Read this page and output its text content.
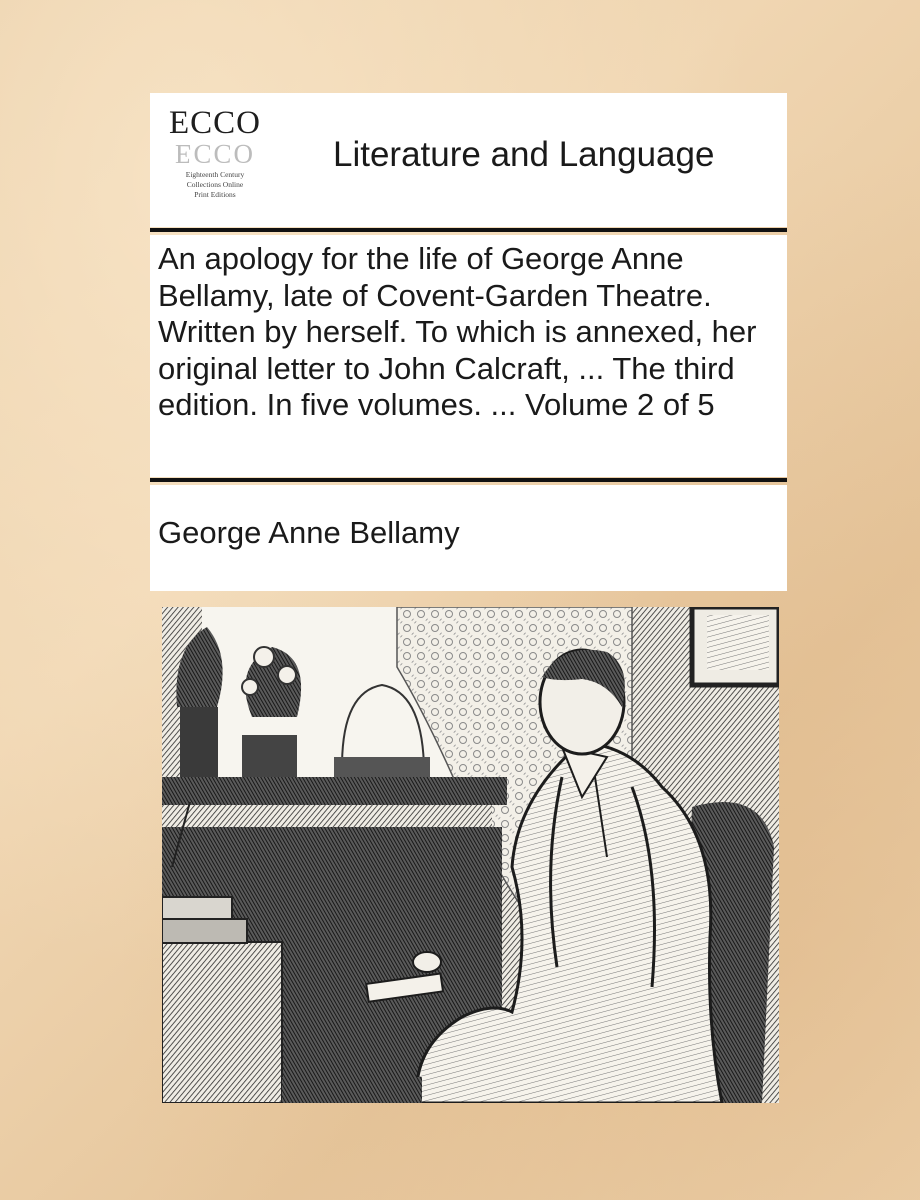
ECCO
ECCO
Eighteenth Century
Collections Online
Print Editions
Literature and Language
An apology for the life of George Anne Bellamy, late of Covent-Garden Theatre. Written by herself. To which is annexed, her original letter to John Calcraft, ... The third edition. In five volumes. ... Volume 2 of 5

George Anne Bellamy
